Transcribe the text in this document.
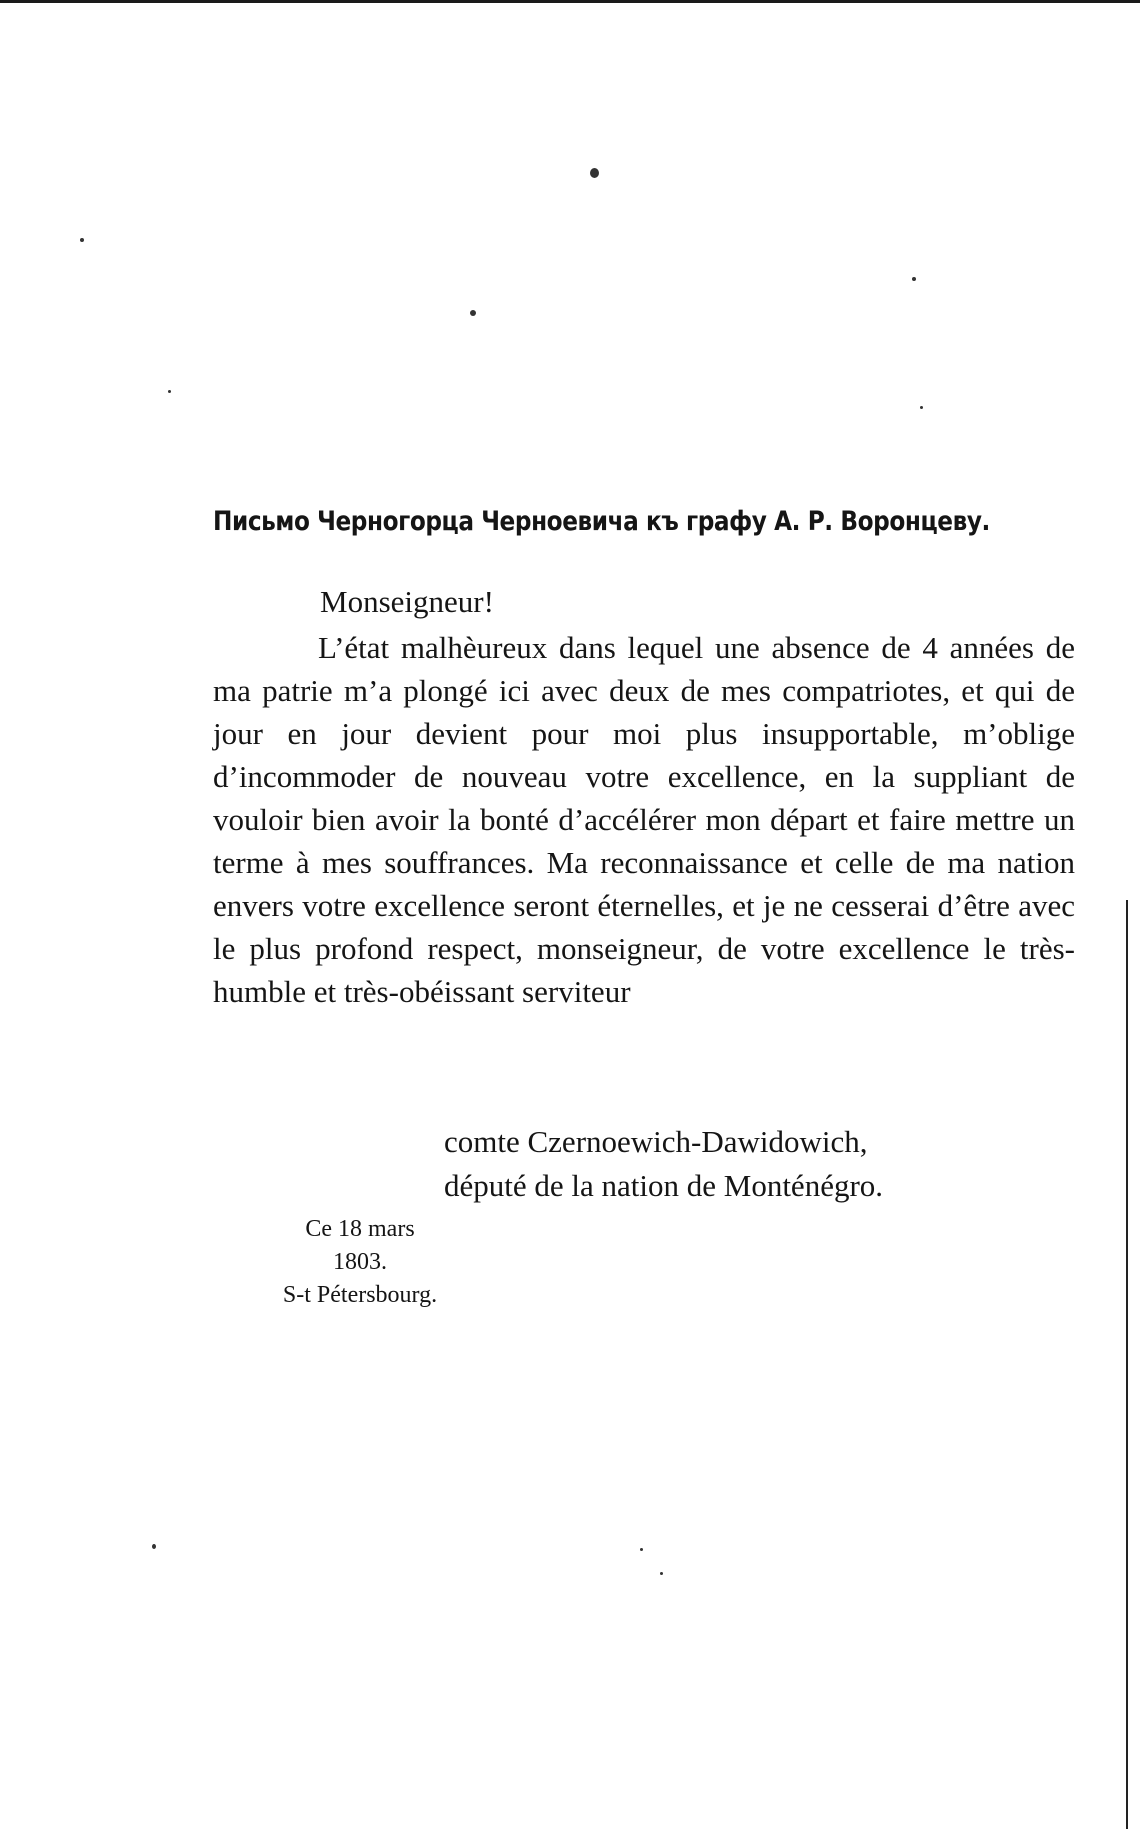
Письмо Черногорца Черноевича къ графу А. Р. Воронцеву.
Monseigneur!
L’état malhèureux dans lequel une absence de 4 années de ma patrie m’a plongé ici avec deux de mes compatriotes, et qui de jour en jour devient pour moi plus insupportable, m’oblige d’incommoder de nouveau votre excellence, en la suppliant de vouloir bien avoir la bonté d’accélérer mon départ et faire mettre un terme à mes souffrances. Ma reconnaissance et celle de ma nation envers votre excellence seront éternelles, et je ne cesserai d’être avec le plus profond respect, monseigneur, de votre excellence le très-humble et très-obéissant serviteur
comte Czernoewich-Dawidowich,
député de la nation de Monténégro.
Ce 18 mars
1803.
S-t Pétersbourg.
